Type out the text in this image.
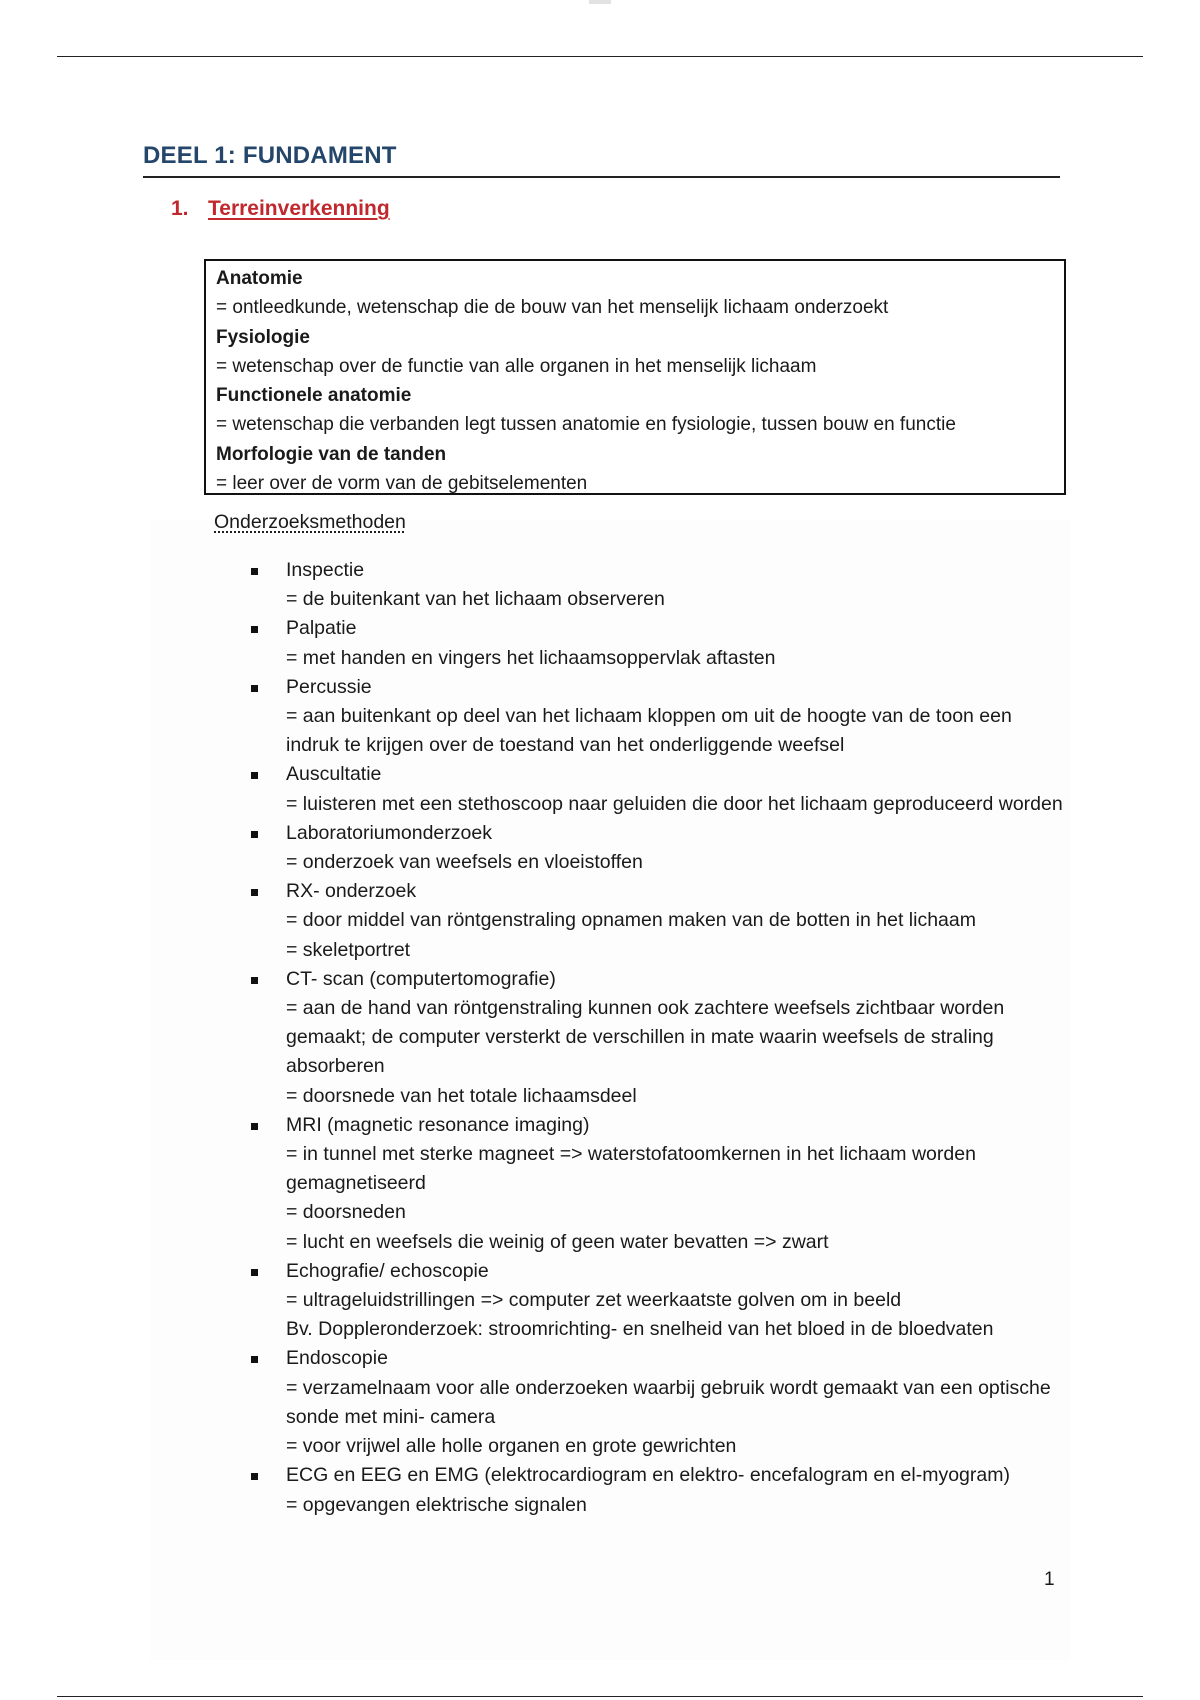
DEEL 1: FUNDAMENT
1. Terreinverkenning
Anatomie
= ontleedkunde, wetenschap die de bouw van het menselijk lichaam onderzoekt
Fysiologie
= wetenschap over de functie van alle organen in het menselijk lichaam
Functionele anatomie
= wetenschap die verbanden legt tussen anatomie en fysiologie, tussen bouw en functie
Morfologie van de tanden
= leer over de vorm van de gebitselementen
Onderzoeksmethoden
Inspectie
= de buitenkant van het lichaam observeren
Palpatie
= met handen en vingers het lichaamsoppervlak aftasten
Percussie
= aan buitenkant op deel van het lichaam kloppen om uit de hoogte van de toon een indruk te krijgen over de toestand van het onderliggende weefsel
Auscultatie
= luisteren met een stethoscoop naar geluiden die door het lichaam geproduceerd worden
Laboratoriumonderzoek
= onderzoek van weefsels en vloeistoffen
RX- onderzoek
= door middel van röntgenstraling opnamen maken van de botten in het lichaam
= skeletportret
CT- scan (computertomografie)
= aan de hand van röntgenstraling kunnen ook zachtere weefsels zichtbaar worden gemaakt; de computer versterkt de verschillen in mate waarin weefsels de straling absorberen
= doorsnede van het totale lichaamsdeel
MRI (magnetic resonance imaging)
= in tunnel met sterke magneet => waterstofatoomkernen in het lichaam worden gemagnetiseerd
= doorsneden
= lucht en weefsels die weinig of geen water bevatten => zwart
Echografie/ echoscopie
= ultrageluidstrillingen => computer zet weerkaatste golven om in beeld
Bv. Doppleronderzoek: stroomrichting- en snelheid van het bloed in de bloedvaten
Endoscopie
= verzamelnaam voor alle onderzoeken waarbij gebruik wordt gemaakt van een optische sonde met mini- camera
= voor vrijwel alle holle organen en grote gewrichten
ECG en EEG en EMG (elektrocardiogram en elektro- encefalogram en el-myogram)
= opgevangen elektrische signalen
1
